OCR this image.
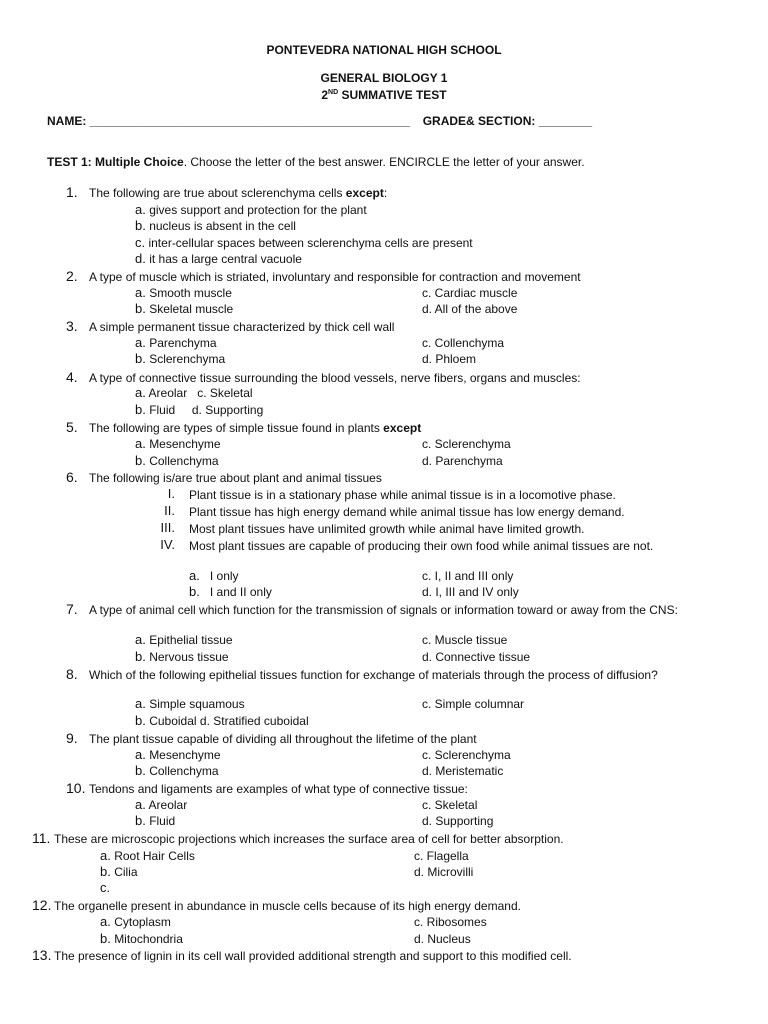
PONTEVEDRA NATIONAL HIGH SCHOOL
GENERAL BIOLOGY 1
2ND SUMMATIVE TEST
NAME: ________________________________________________ GRADE& SECTION: ________
TEST 1: Multiple Choice. Choose the letter of the best answer. ENCIRCLE the letter of your answer.
1. The following are true about sclerenchyma cells except:
a. gives support and protection for the plant
b. nucleus is absent in the cell
c. inter-cellular spaces between sclerenchyma cells are present
d. it has a large central vacuole
2. A type of muscle which is striated, involuntary and responsible for contraction and movement
a. Smooth muscle	c. Cardiac muscle
b. Skeletal muscle	d. All of the above
3. A simple permanent tissue characterized by thick cell wall
a. Parenchyma	c. Collenchyma
b. Sclerenchyma	d. Phloem
4. A type of connective tissue surrounding the blood vessels, nerve fibers, organs and muscles:
a. Areolar   c. Skeletal
b. Fluid     d. Supporting
5. The following are types of simple tissue found in plants except
a. Mesenchyme	c. Sclerenchyma
b. Collenchyma	d. Parenchyma
6. The following is/are true about plant and animal tissues
I. Plant tissue is in a stationary phase while animal tissue is in a locomotive phase.
II. Plant tissue has high energy demand while animal tissue has low energy demand.
III. Most plant tissues have unlimited growth while animal have limited growth.
IV. Most plant tissues are capable of producing their own food while animal tissues are not.
a. I only	c. I, II and III only
b. I and II only	d. I, III and IV only
7. A type of animal cell which function for the transmission of signals or information toward or away from the CNS:
a. Epithelial tissue	c. Muscle tissue
b. Nervous tissue	d. Connective tissue
8. Which of the following epithelial tissues function for exchange of materials through the process of diffusion?
a. Simple squamous	c. Simple columnar
b. Cuboidal d. Stratified cuboidal
9. The plant tissue capable of dividing all throughout the lifetime of the plant
a. Mesenchyme	c. Sclerenchyma
b. Collenchyma	d. Meristematic
10. Tendons and ligaments are examples of what type of connective tissue:
a. Areolar	c. Skeletal
b. Fluid	d. Supporting
11. These are microscopic projections which increases the surface area of cell for better absorption.
a. Root Hair Cells	c. Flagella
b. Cilia	d. Microvilli
c.
12. The organelle present in abundance in muscle cells because of its high energy demand.
a. Cytoplasm	c. Ribosomes
b. Mitochondria	d. Nucleus
13. The presence of lignin in its cell wall provided additional strength and support to this modified cell.
